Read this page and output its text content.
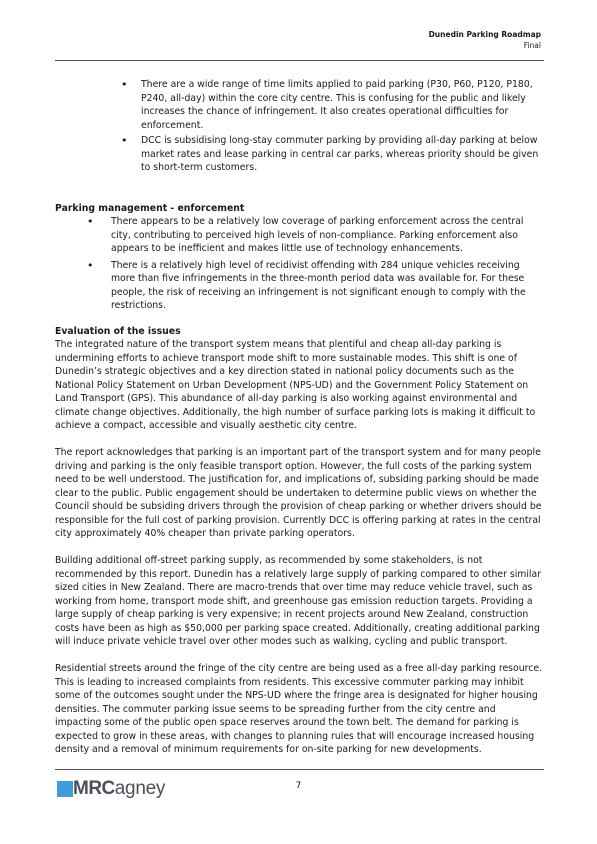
Dunedin Parking Roadmap
Final
• There are a wide range of time limits applied to paid parking (P30, P60, P120, P180, P240, all-day) within the core city centre. This is confusing for the public and likely increases the chance of infringement. It also creates operational difficulties for enforcement.
• DCC is subsidising long-stay commuter parking by providing all-day parking at below market rates and lease parking in central car parks, whereas priority should be given to short-term customers.
Parking management - enforcement
• There appears to be a relatively low coverage of parking enforcement across the central city, contributing to perceived high levels of non-compliance. Parking enforcement also appears to be inefficient and makes little use of technology enhancements.
• There is a relatively high level of recidivist offending with 284 unique vehicles receiving more than five infringements in the three-month period data was available for. For these people, the risk of receiving an infringement is not significant enough to comply with the restrictions.
Evaluation of the issues

The integrated nature of the transport system means that plentiful and cheap all-day parking is undermining efforts to achieve transport mode shift to more sustainable modes. This shift is one of Dunedin’s strategic objectives and a key direction stated in national policy documents such as the National Policy Statement on Urban Development (NPS-UD) and the Government Policy Statement on Land Transport (GPS). This abundance of all-day parking is also working against environmental and climate change objectives. Additionally, the high number of surface parking lots is making it difficult to achieve a compact, accessible and visually aesthetic city centre.

The report acknowledges that parking is an important part of the transport system and for many people driving and parking is the only feasible transport option. However, the full costs of the parking system need to be well understood. The justification for, and implications of, subsiding parking should be made clear to the public. Public engagement should be undertaken to determine public views on whether the Council should be subsiding drivers through the provision of cheap parking or whether drivers should be responsible for the full cost of parking provision. Currently DCC is offering parking at rates in the central city approximately 40% cheaper than private parking operators.

Building additional off-street parking supply, as recommended by some stakeholders, is not recommended by this report. Dunedin has a relatively large supply of parking compared to other similar sized cities in New Zealand. There are macro-trends that over time may reduce vehicle travel, such as working from home, transport mode shift, and greenhouse gas emission reduction targets. Providing a large supply of cheap parking is very expensive; in recent projects around New Zealand, construction costs have been as high as $50,000 per parking space created. Additionally, creating additional parking will induce private vehicle travel over other modes such as walking, cycling and public transport.

Residential streets around the fringe of the city centre are being used as a free all-day parking resource. This is leading to increased complaints from residents. This excessive commuter parking may inhibit some of the outcomes sought under the NPS-UD where the fringe area is designated for higher housing densities. The commuter parking issue seems to be spreading further from the city centre and impacting some of the public open space reserves around the town belt. The demand for parking is expected to grow in these areas, with changes to planning rules that will encourage increased housing density and a removal of minimum requirements for on-site parking for new developments.

MRC agney	7
